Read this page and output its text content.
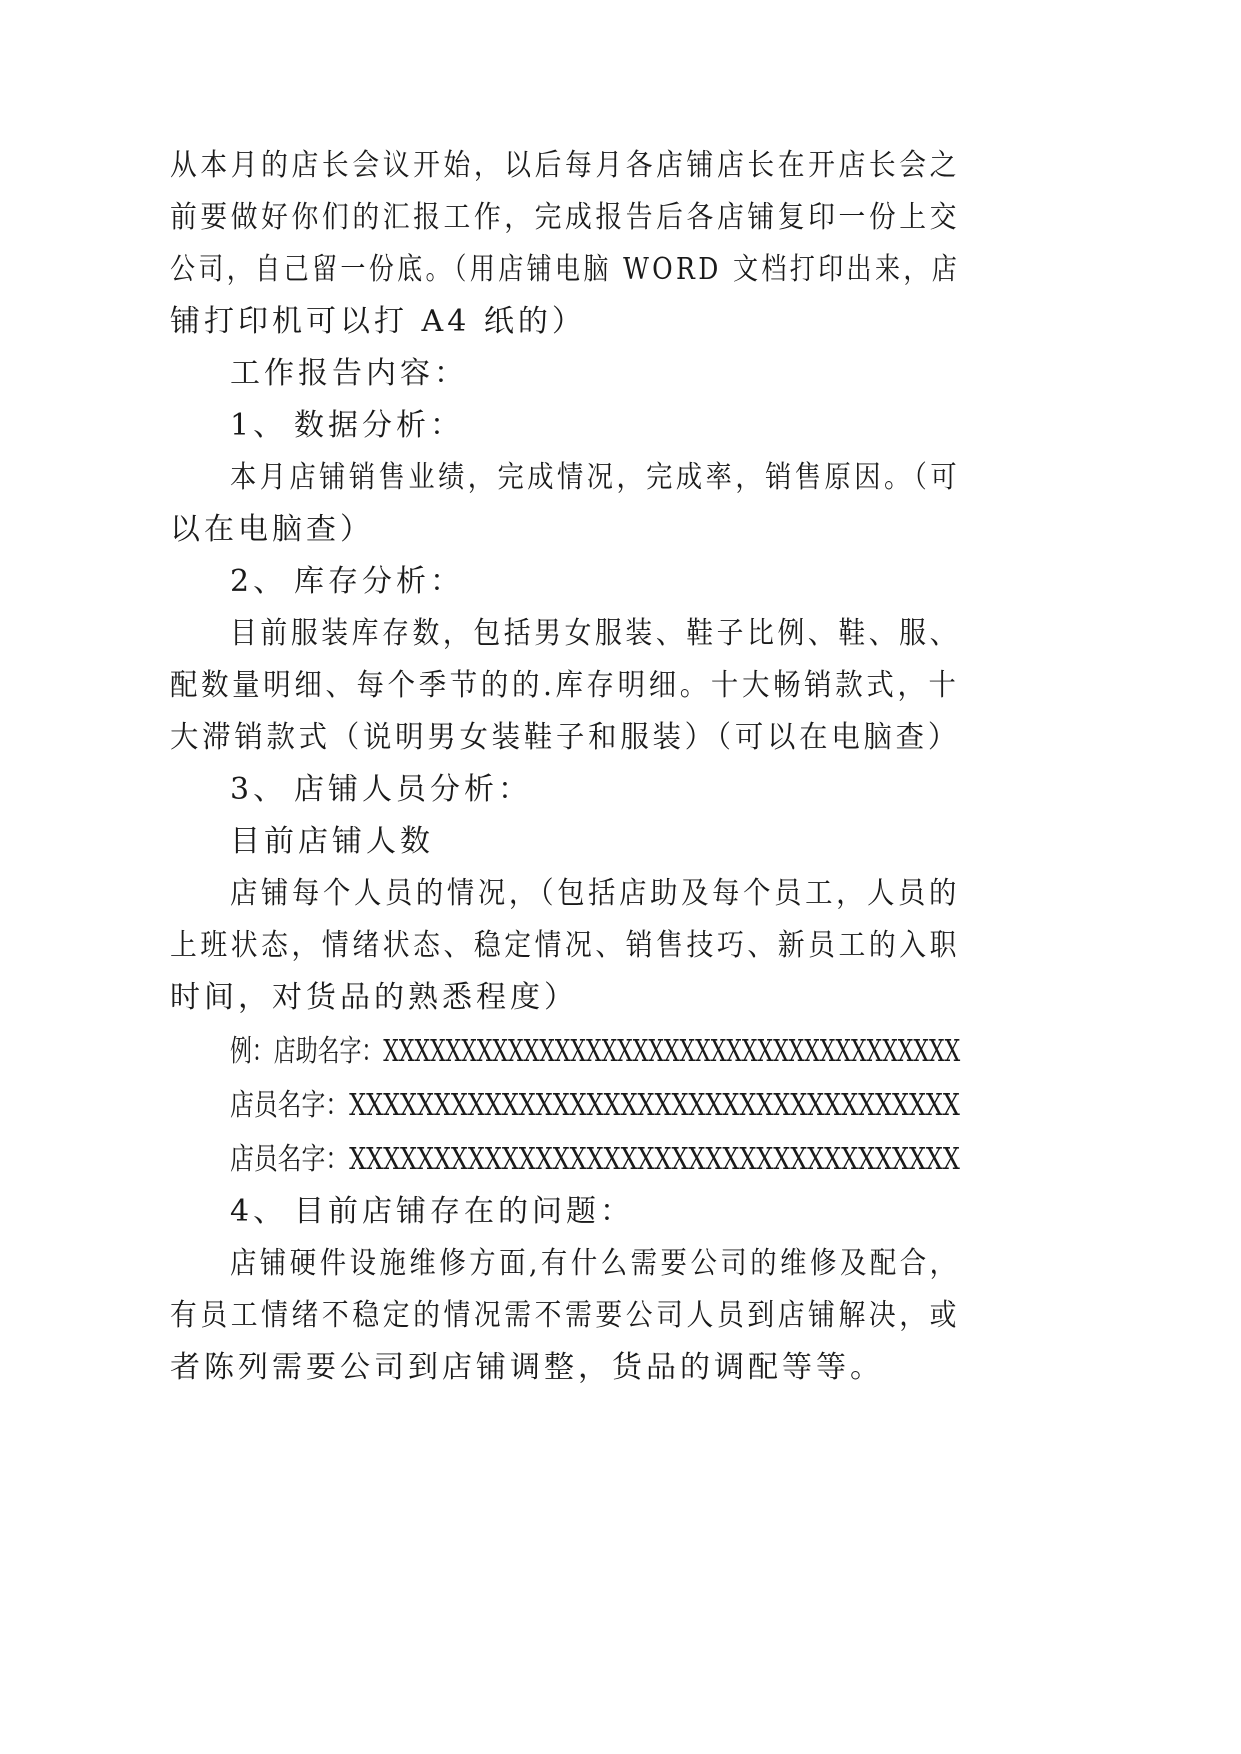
从本月的店长会议开始，以后每月各店铺店长在开店长会之
前要做好你们的汇报工作，完成报告后各店铺复印一份上交
公司，自己留一份底。（用店铺电脑 WORD 文档打印出来，店
铺打印机可以打 A4 纸的）
工作报告内容：
1、 数据分析：
本月店铺销售业绩，完成情况，完成率，销售原因。（可
以在电脑查）
2、 库存分析：
目前服装库存数，包括男女服装、鞋子比例、鞋、服、
配数量明细、每个季节的的.库存明细。十大畅销款式，十
大滞销款式（说明男女装鞋子和服装）（可以在电脑查）
3、 店铺人员分析：
目前店铺人数
店铺每个人员的情况，（包括店助及每个员工，人员的
上班状态，情绪状态、稳定情况、销售技巧、新员工的入职
时间，对货品的熟悉程度）
例：店助名字：XXXXXXXXXXXXXXXXXXXXXXXXXXXXXXXXXXXXX
店员名字：XXXXXXXXXXXXXXXXXXXXXXXXXXXXXXXXXXXX
店员名字：XXXXXXXXXXXXXXXXXXXXXXXXXXXXXXXXXXXX
4、 目前店铺存在的问题：
店铺硬件设施维修方面,有什么需要公司的维修及配合，
有员工情绪不稳定的情况需不需要公司人员到店铺解决，或
者陈列需要公司到店铺调整，货品的调配等等。
